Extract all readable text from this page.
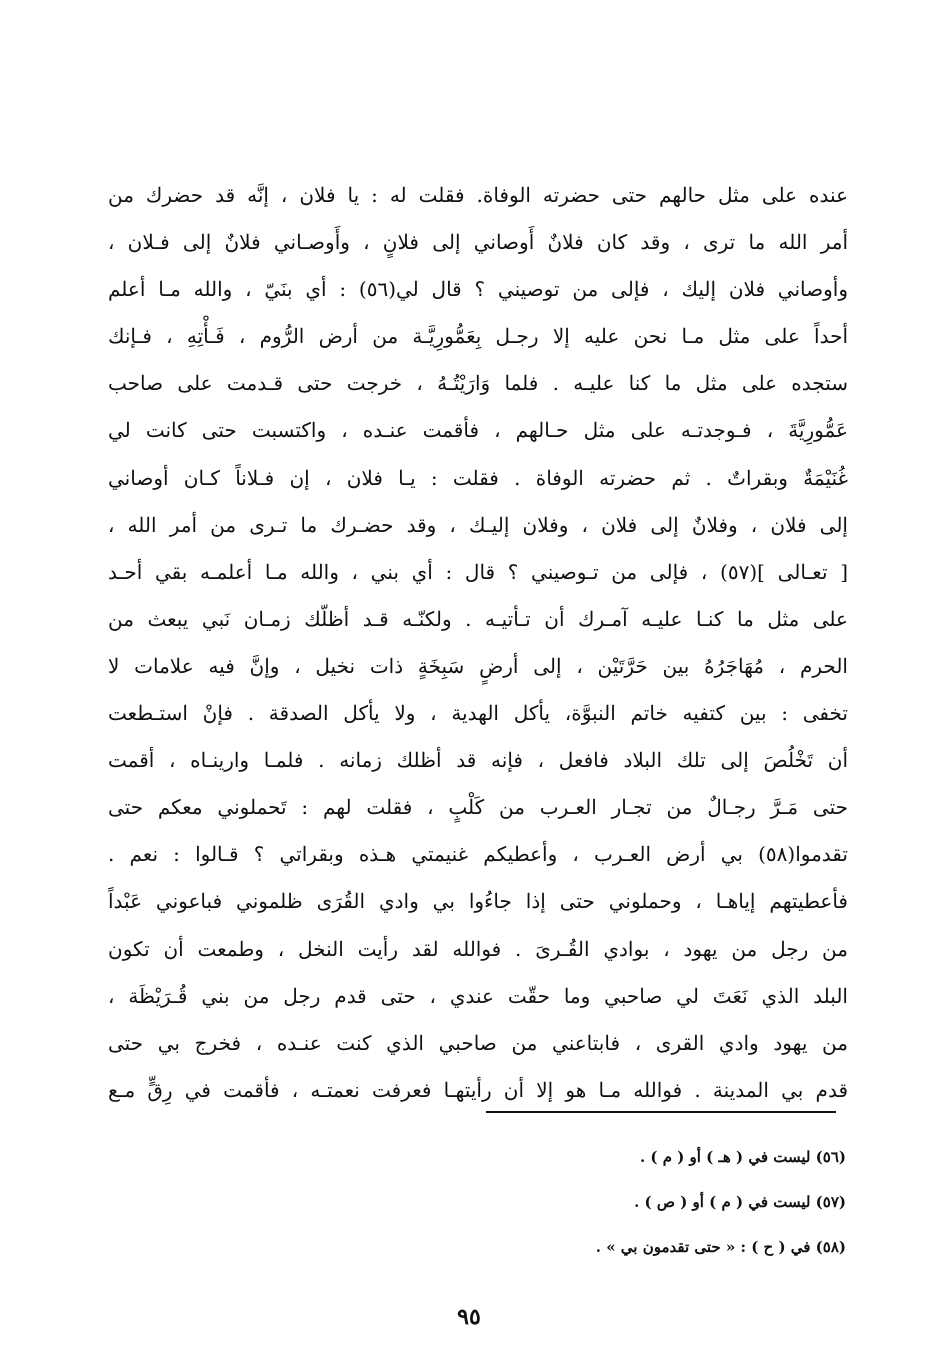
عنده على مثل حالهم حتى حضرته الوفاة. فقلت له : يا فلان ، إنَّه قد حضرك من
أمر الله ما ترى ، وقد كان فلانٌ أَوصاني إلى فلانٍ ، وأَوصـاني فلانٌ إلى فـلان ،
وأوصاني فلان إليك ، فإلى من توصيني ؟ قال لي(٥٦) : أي بنَيّ ، والله مـا أعلم
أحداً على مثل مـا نحن عليه إلا رجـل بِعَمُّورِيَّـة من أرض الرُّوم ، فَـأْتِهِ ، فـإنك
ستجده على مثل ما كنا عليـه . فلما وَارَيْتُـهُ ، خرجت حتى قـدمت على صاحب
عَمُّورِيَّةَ ، فـوجدتـه على مثل حـالهم ، فأقمت عنـده ، واكتسبت حتى كانت لي
غُنَيْمَةٌ وبقراتٌ . ثم حضرته الوفاة . فقلت : يـا فلان ، إن فـلاناً كـان أوصاني
إلى فلان ، وفلانٌ إلى فلان ، وفلان إليـك ، وقد حضـرك ما تـرى من أمر الله ،
[ تعـالى ](٥٧) ، فإلى من تـوصيني ؟ قال : أي بني ، والله مـا أعلمـه بقي أحـد
على مثل ما كنـا عليـه آمـرك أن تـأتيـه . ولكنّـه قـد أظلّك زمـان نَبي يبعث من
الحرم ، مُهَاجَرُهُ بين حَرَّتَيْن ، إلى أرضٍ سَبِخَةٍ ذات نخيل ، وإنَّ فيه علامات لا
تخفى : بين كتفيه خاتم النبوَّة، يأكل الهدية ، ولا يأكل الصدقة . فإنْ استـطعت
أن تَخْلُصَ إلى تلك البلاد فافعل ، فإنه قد أظلك زمانه . فلمـا وارينـاه ، أقمت
حتى مَـرَّ رجـالٌ من تجـار العـرب من كَلْبٍ ، فقلت لهم : تَحملوني معكم حتى
تقدموا(٥٨) بي أرض العـرب ، وأعطيكم غنيمتي هـذه وبقراتي ؟ قـالوا : نعم .
فأعطيتهم إياهـا ، وحملوني حتى إذا جاءُوا بي وادي القُرَى ظلموني فباعوني عَبْداً
من رجل من يهود ، بوادي القُـرىَ . فوالله لقد رأيت النخل ، وطمعت أن تكون
البلد الذي نَعَتَ لي صاحبي وما حقّت عندي ، حتى قدم رجل من بني قُـرَيْظَة ،
من يهود وادي القرى ، فابتاعني من صاحبي الذي كنت عنـده ، فخرج بي حتى
قدم بي المدينة . فوالله مـا هو إلا أن رأيتهـا فعرفت نعمتـه ، فأقمت في رِقٍّ مـع
(٥٦) ليست في ( هـ ) أو ( م ) .
(٥٧) ليست في ( م ) أو ( ص ) .
(٥٨) في ( ح ) : « حتى تقدمون بي » .
٩٥
